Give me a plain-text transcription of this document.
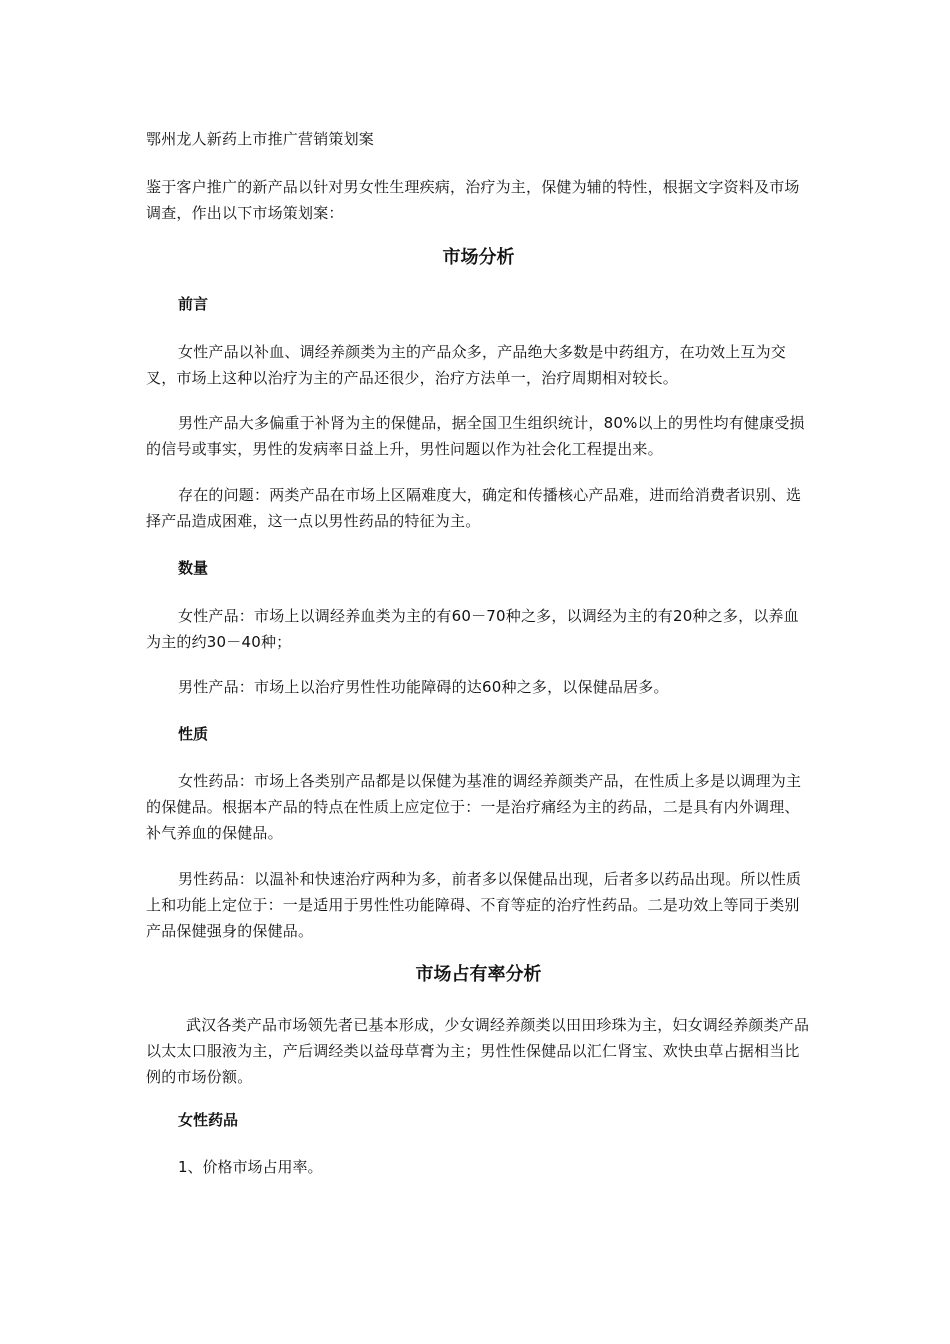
鄂州龙人新药上市推广营销策划案

鉴于客户推广的新产品以针对男女性生理疾病，治疗为主，保健为辅的特性，根据文字资料及市场调查，作出以下市场策划案：

市场分析

前言

女性产品以补血、调经养颜类为主的产品众多，产品绝大多数是中药组方，在功效上互为交叉，市场上这种以治疗为主的产品还很少，治疗方法单一，治疗周期相对较长。

男性产品大多偏重于补肾为主的保健品，据全国卫生组织统计，80%以上的男性均有健康受损的信号或事实，男性的发病率日益上升，男性问题以作为社会化工程提出来。

存在的问题：两类产品在市场上区隔难度大，确定和传播核心产品难，进而给消费者识别、选择产品造成困难，这一点以男性药品的特征为主。

数量

女性产品：市场上以调经养血类为主的有60－70种之多，以调经为主的有20种之多，以养血为主的约30－40种；

男性产品：市场上以治疗男性性功能障碍的达60种之多，以保健品居多。

性质

女性药品：市场上各类别产品都是以保健为基准的调经养颜类产品，在性质上多是以调理为主的保健品。根据本产品的特点在性质上应定位于：一是治疗痛经为主的药品，二是具有内外调理、补气养血的保健品。

男性药品：以温补和快速治疗两种为多，前者多以保健品出现，后者多以药品出现。所以性质上和功能上定位于：一是适用于男性性功能障碍、不育等症的治疗性药品。二是功效上等同于类别产品保健强身的保健品。

市场占有率分析

武汉各类产品市场领先者已基本形成，少女调经养颜类以田田珍珠为主，妇女调经养颜类产品以太太口服液为主，产后调经类以益母草膏为主；男性性保健品以汇仁肾宝、欢快虫草占据相当比例的市场份额。

女性药品

1、价格市场占用率。
